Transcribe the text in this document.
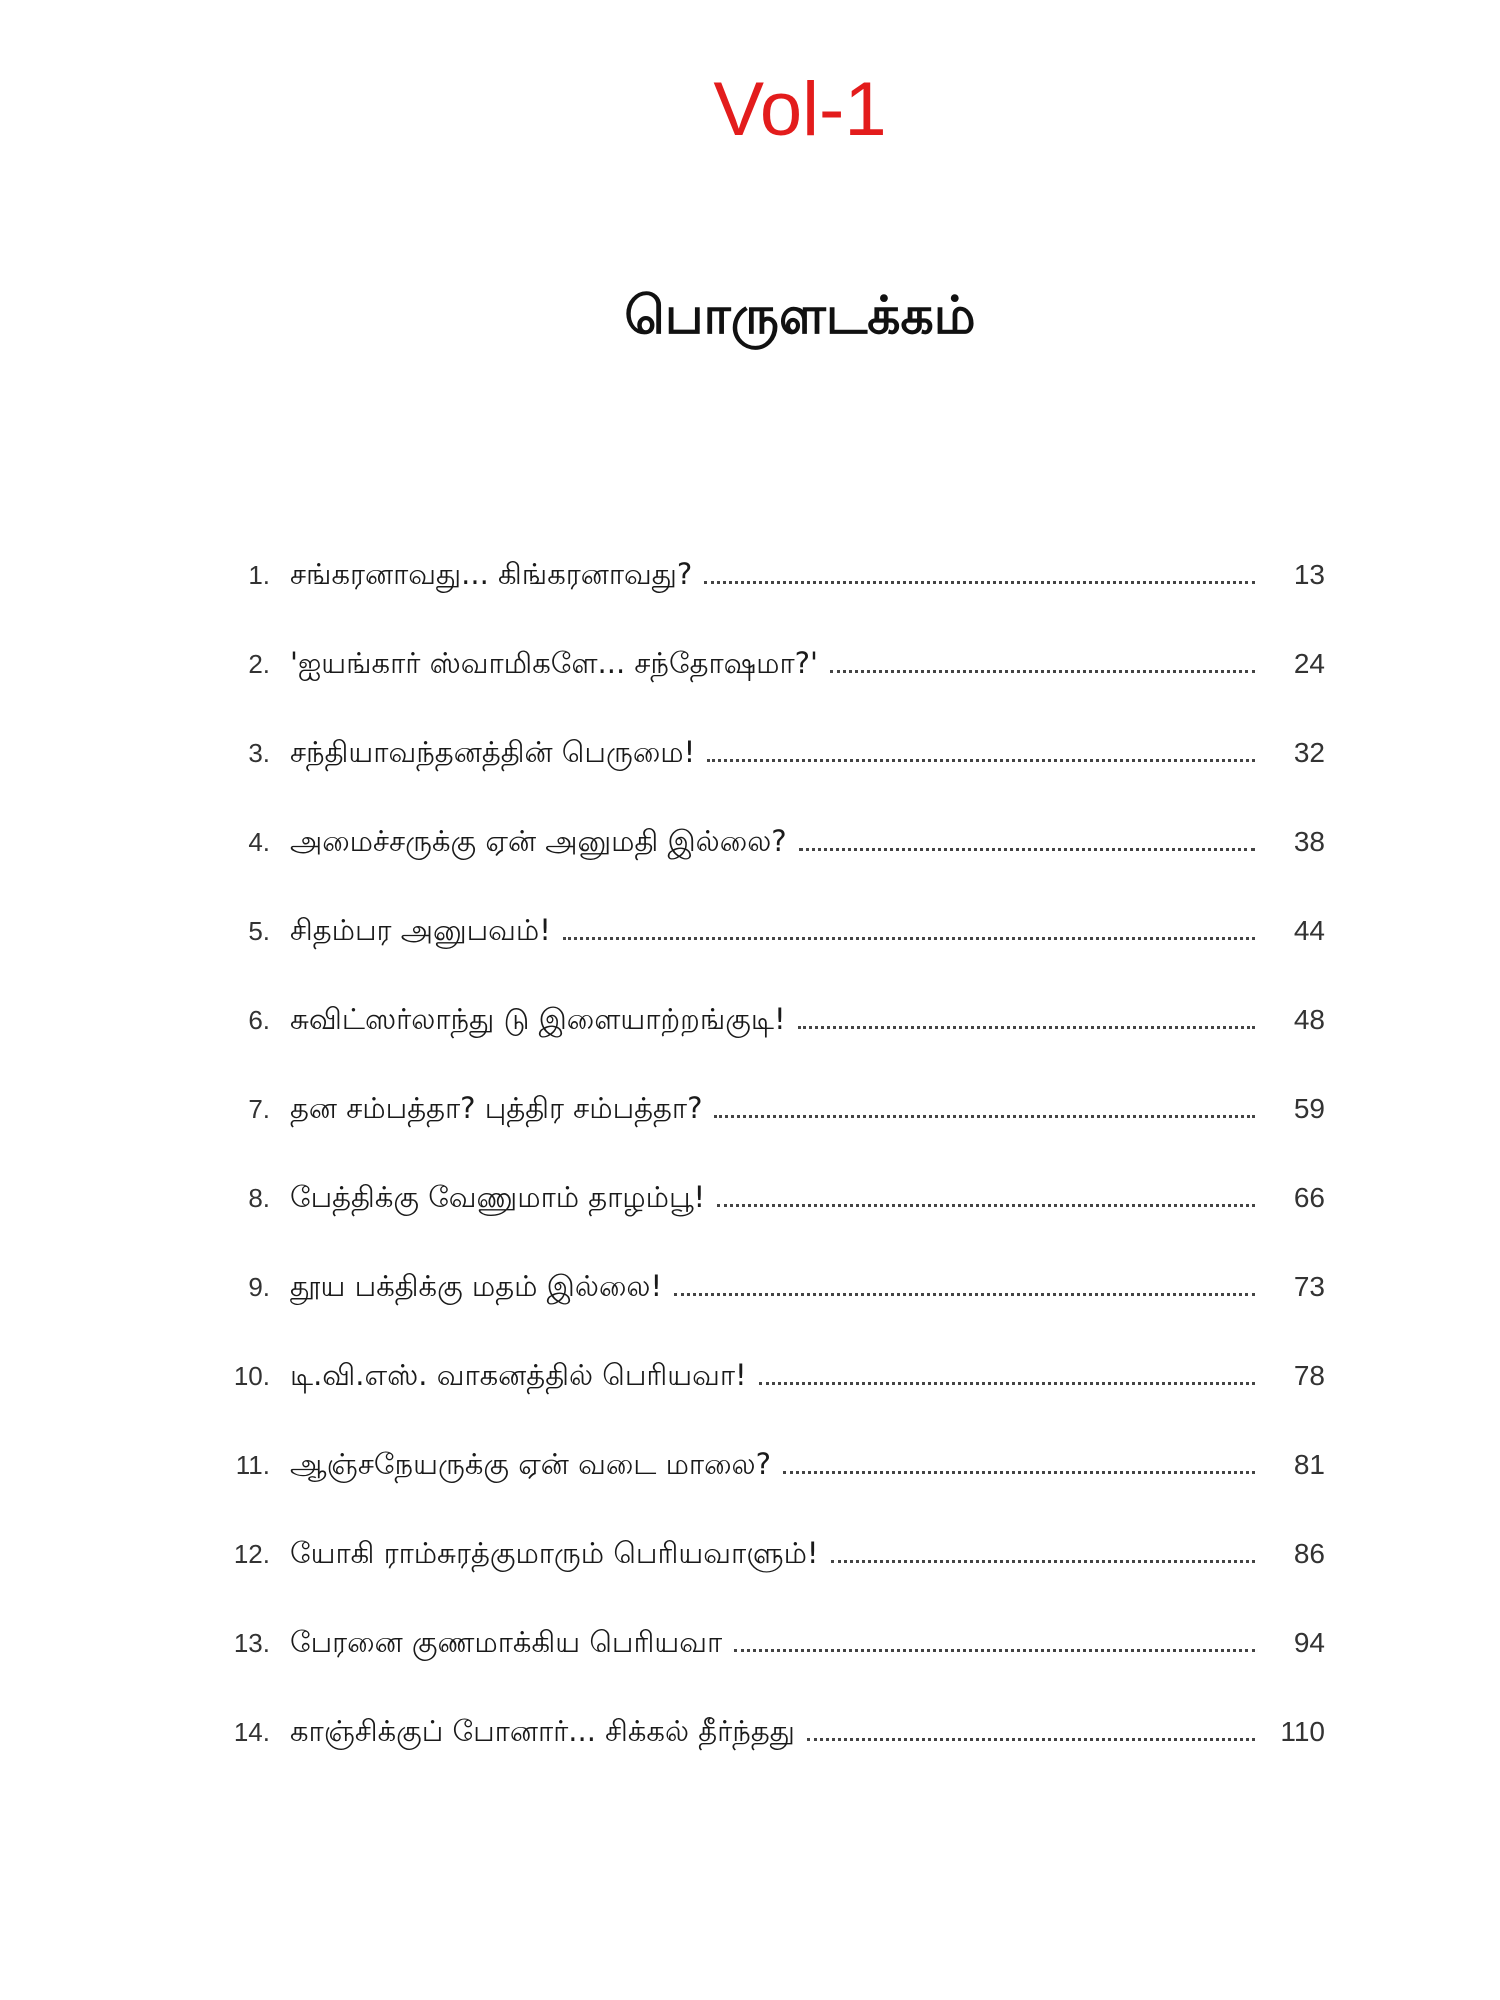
Vol-1
பொருளடக்கம்
1. சங்கரனாவது... கிங்கரனாவது?	13
2. 'ஐயங்கார் ஸ்வாமிகளே... சந்தோஷமா?'	24
3. சந்தியாவந்தனத்தின் பெருமை!	32
4. அமைச்சருக்கு ஏன் அனுமதி இல்லை?	38
5. சிதம்பர அனுபவம்!	44
6. சுவிட்ஸர்லாந்து டு இளையாற்றங்குடி!	48
7. தன சம்பத்தா? புத்திர சம்பத்தா?	59
8. பேத்திக்கு வேணுமாம் தாழம்பூ!	66
9. தூய பக்திக்கு மதம் இல்லை!	73
10. டி.வி.எஸ். வாகனத்தில் பெரியவா!	78
11. ஆஞ்சநேயருக்கு ஏன் வடை மாலை?	81
12. யோகி ராம்சுரத்குமாரும் பெரியவாளும்!	86
13. பேரனை குணமாக்கிய பெரியவா	94
14. காஞ்சிக்குப் போனார்... சிக்கல் தீர்ந்தது	110
